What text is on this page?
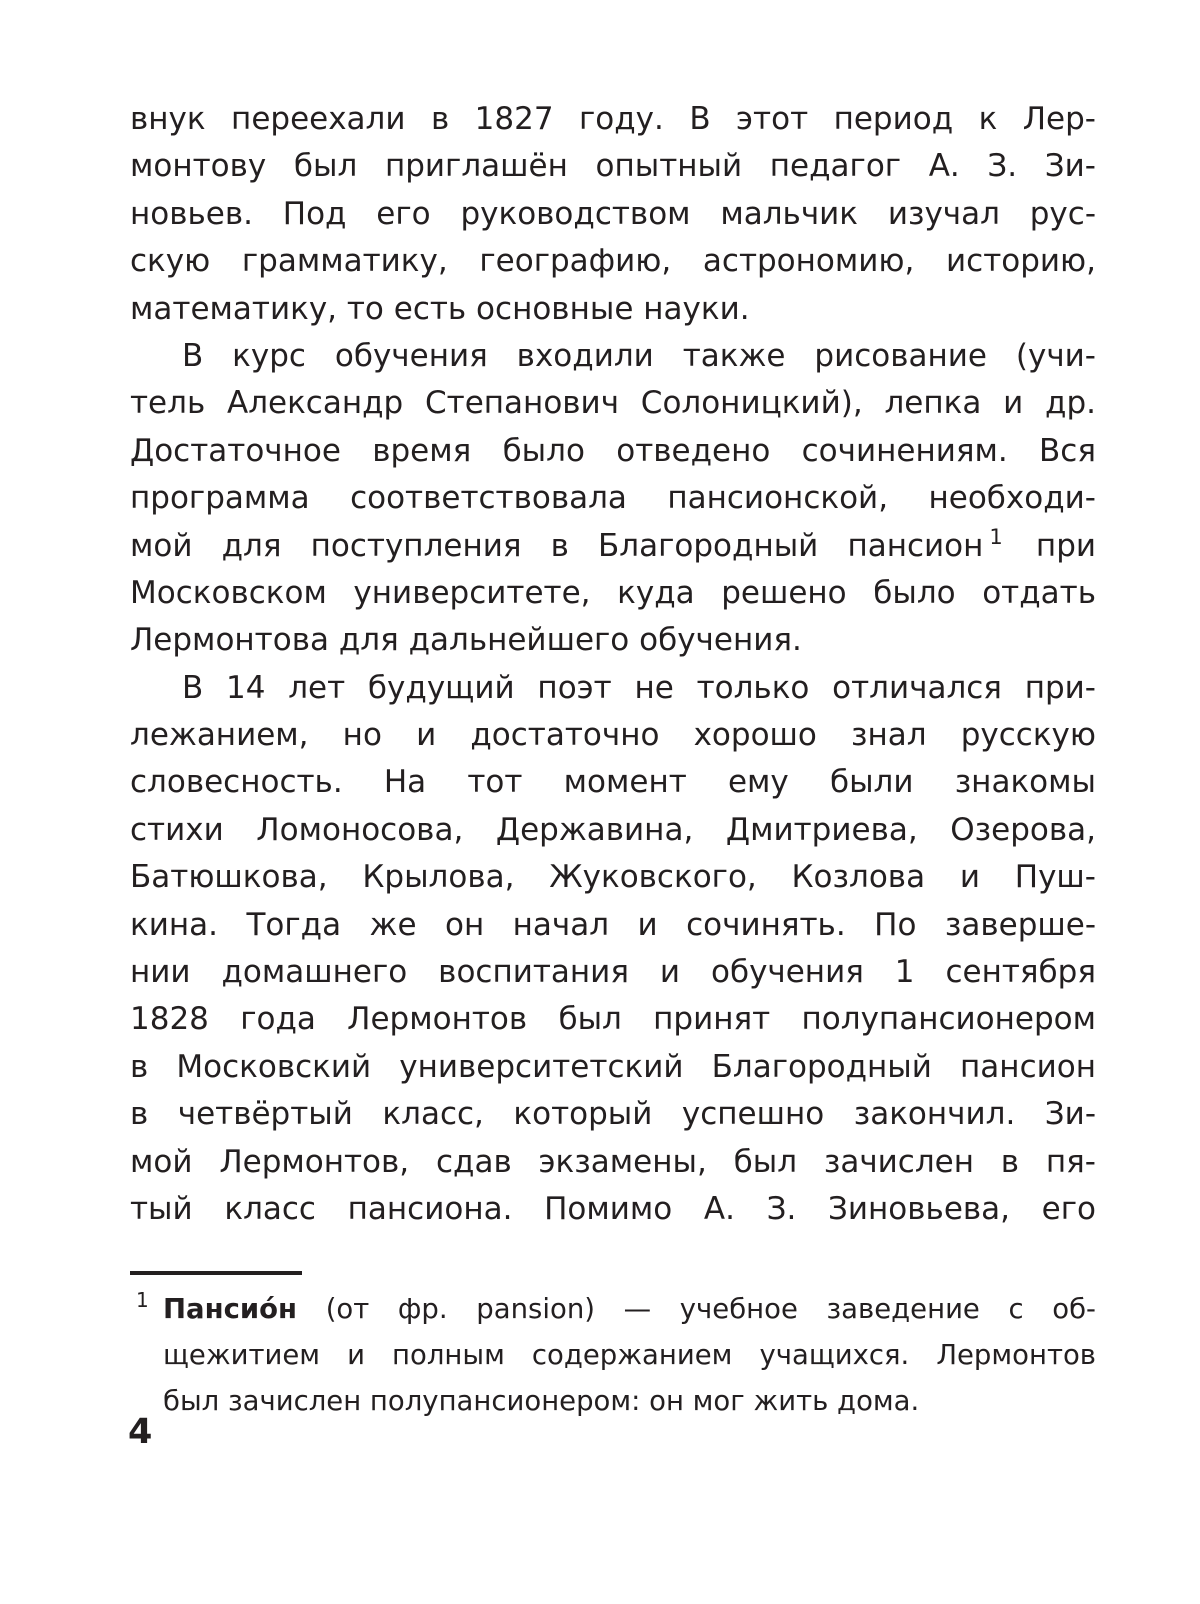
внук переехали в 1827 году. В этот период к Лер-
монтову был приглашён опытный педагог А. З. Зи-
новьев. Под его руководством мальчик изучал рус-
скую грамматику, географию, астрономию, историю,
математику, то есть основные науки.
В курс обучения входили также рисование (учи-
тель Александр Степанович Солоницкий), лепка и др.
Достаточное время было отведено сочинениям. Вся
программа соответствовала пансионской, необходи-
мой для поступления в Благородный пансион $^1$ при
Московском университете, куда решено было отдать
Лермонтова для дальнейшего обучения.
В 14 лет будущий поэт не только отличался при-
лежанием, но и достаточно хорошо знал русскую
словесность. На тот момент ему были знакомы
стихи Ломоносова, Державина, Дмитриева, Озерова,
Батюшкова, Крылова, Жуковского, Козлова и Пуш-
кина. Тогда же он начал и сочинять. По заверше-
нии домашнего воспитания и обучения 1 сентября
1828 года Лермонтов был принят полупансионером
в Московский университетский Благородный пансион
в четвёртый класс, который успешно закончил. Зи-
мой Лермонтов, сдав экзамены, был зачислен в пя-
тый класс пансиона. Помимо А. З. Зиновьева, его
1 Пансио́н (от фр. pansion) — учебное заведение с об-
щежитием и полным содержанием учащихся. Лермонтов
был зачислен полупансионером: он мог жить дома.
4
